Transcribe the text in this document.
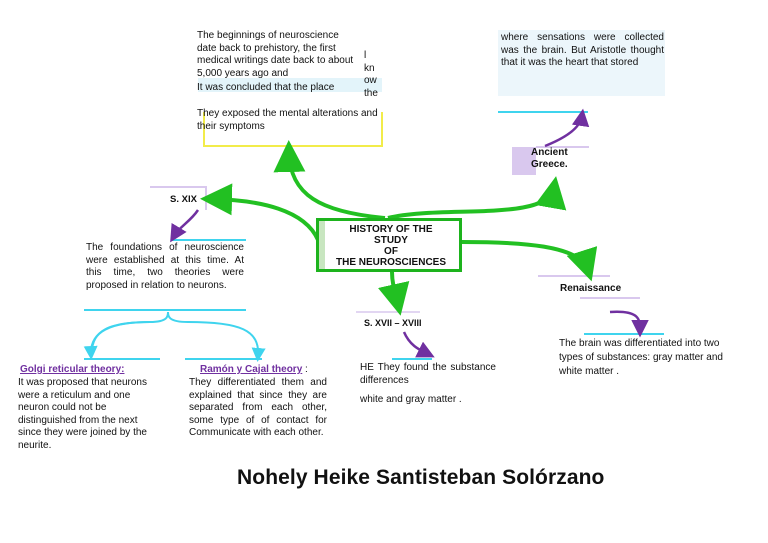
HISTORY OF THE
STUDY
OF
THE NEUROSCIENCES
The beginnings of neuroscience date back to prehistory, the first medical writings date back to about 5,000 years ago and
l
kn
ow
the
It was concluded that the place
They exposed the mental alterations and their symptoms
where sensations were collected was the brain. But Aristotle thought that it was the heart that stored
Ancient Greece.
S. XIX
The foundations of neuroscience were established at this time. At this time, two theories were proposed in relation to neurons.
Golgi reticular theory:
It was proposed that neurons were a reticulum and one neuron could not be distinguished from the next since they were joined by the neurite.
Ramón y Cajal theory :
They differentiated them and explained that since they are separated from each other, some type of of contact for Communicate with each other.
S. XVII – XVIII
HE They found the substance differences
white and gray matter .
Renaissance
The brain was differentiated into two types of substances: gray matter and white matter .
Nohely Heike Santisteban Solórzano
